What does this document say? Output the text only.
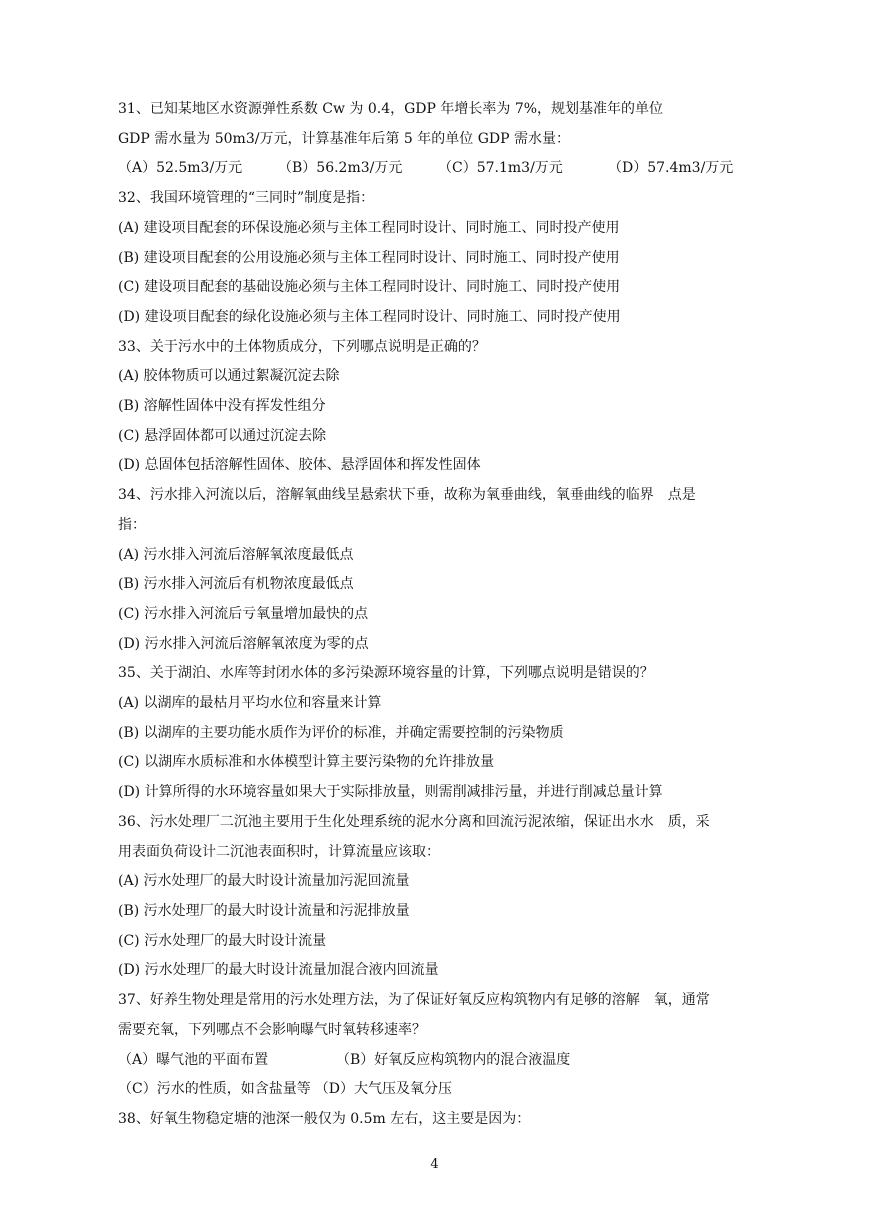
31、已知某地区水资源弹性系数 Cw 为 0.4，GDP 年增长率为 7%，规划基准年的单位
GDP 需水量为 50m3/万元，计算基准年后第 5 年的单位 GDP 需水量：
（A）52.5m3/万元	（B）56.2m3/万元	（C）57.1m3/万元	（D）57.4m3/万元
32、我国环境管理的“三同时”制度是指：
(A) 建设项目配套的环保设施必须与主体工程同时设计、同时施工、同时投产使用
(B) 建设项目配套的公用设施必须与主体工程同时设计、同时施工、同时投产使用
(C) 建设项目配套的基础设施必须与主体工程同时设计、同时施工、同时投产使用
(D) 建设项目配套的绿化设施必须与主体工程同时设计、同时施工、同时投产使用
33、关于污水中的土体物质成分，下列哪点说明是正确的？
(A) 胶体物质可以通过絮凝沉淀去除
(B) 溶解性固体中没有挥发性组分
(C) 悬浮固体都可以通过沉淀去除
(D) 总固体包括溶解性固体、胶体、悬浮固体和挥发性固体
34、污水排入河流以后，溶解氧曲线呈悬索状下垂，故称为氧垂曲线，氧垂曲线的临界　点是
指：
(A) 污水排入河流后溶解氧浓度最低点
(B) 污水排入河流后有机物浓度最低点
(C) 污水排入河流后亏氧量增加最快的点
(D) 污水排入河流后溶解氧浓度为零的点
35、关于湖泊、水库等封闭水体的多污染源环境容量的计算，下列哪点说明是错误的？
(A) 以湖库的最枯月平均水位和容量来计算
(B) 以湖库的主要功能水质作为评价的标准，并确定需要控制的污染物质
(C) 以湖库水质标准和水体模型计算主要污染物的允许排放量
(D) 计算所得的水环境容量如果大于实际排放量，则需削减排污量，并进行削减总量计算
36、污水处理厂二沉池主要用于生化处理系统的泥水分离和回流污泥浓缩，保证出水水　质，采
用表面负荷设计二沉池表面积时，计算流量应该取：
(A) 污水处理厂的最大时设计流量加污泥回流量
(B) 污水处理厂的最大时设计流量和污泥排放量
(C) 污水处理厂的最大时设计流量
(D) 污水处理厂的最大时设计流量加混合液内回流量
37、好养生物处理是常用的污水处理方法，为了保证好氧反应构筑物内有足够的溶解　氧，通常
需要充氧，下列哪点不会影响曝气时氧转移速率？
（A）曝气池的平面布置	（B）好氧反应构筑物内的混合液温度
（C）污水的性质，如含盐量等 （D）大气压及氧分压
38、好氧生物稳定塘的池深一般仅为 0.5m 左右，这主要是因为：
4
